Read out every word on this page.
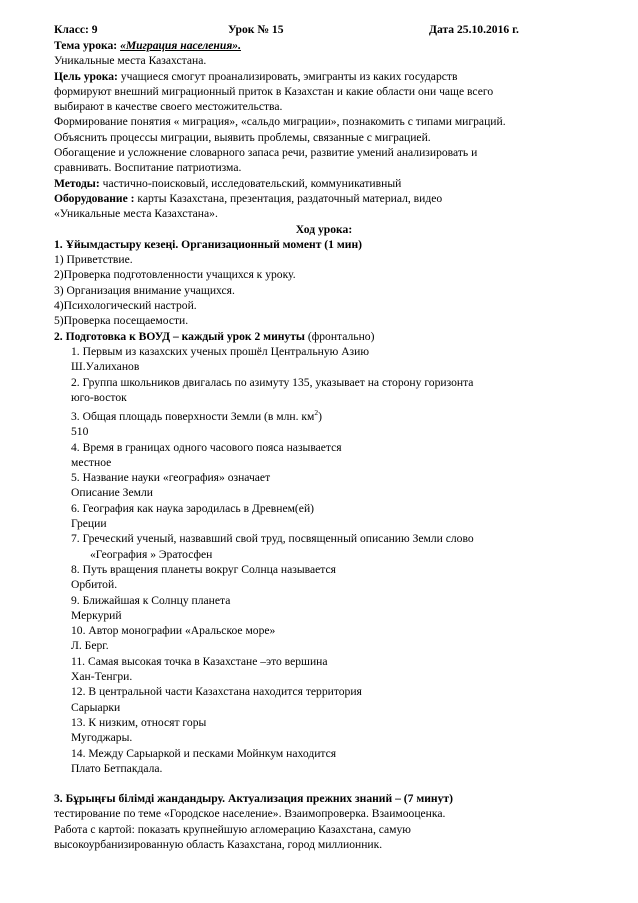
Класс: 9	Урок № 15	Дата 25.10.2016 г.
Тема урока: «Миграция населения».
Уникальные места Казахстана.
Цель урока: учащиеся смогут проанализировать, эмигранты из каких государств
формируют внешний миграционный приток в Казахстан и какие области они чаще всего
выбирают в качестве своего местожительства.
Формирование понятия « миграция», «сальдо миграции», познакомить с типами миграций.
Объяснить процессы миграции, выявить проблемы, связанные с миграцией.
Обогащение и усложнение словарного запаса речи, развитие умений анализировать и
сравнивать. Воспитание патриотизма.
Методы: частично-поисковый, исследовательский, коммуникативный
Оборудование : карты Казахстана, презентация, раздаточный материал, видео
«Уникальные места Казахстана».
Ход урока:
1. Ұйымдастыру кезеңі. Организационный момент (1 мин)
1) Приветствие.
2)Проверка подготовленности учащихся к уроку.
3) Организация внимание учащихся.
4)Психологический настрой.
5)Проверка посещаемости.
2. Подготовка к ВОУД – каждый урок 2 минуты (фронтально)
1. Первым из казахских ученых прошёл Центральную Азию
Ш.Уалиханов
2. Группа школьников двигалась по азимуту 135, указывает на сторону горизонта
юго-восток
3. Общая площадь поверхности Земли (в млн. $км^2$)
510
4. Время в границах одного часового пояса называется
местное
5. Название науки «география» означает
Описание Земли
6. География как наука зародилась в Древнем(ей)
Греции
7. Греческий ученый, назвавший свой труд, посвященный описанию Земли слово
«География » Эратосфен
8. Путь вращения планеты вокруг Солнца называется
Орбитой.
9. Ближайшая к Солнцу планета
Меркурий
10. Автор монографии «Аральское море»
Л. Берг.
11. Самая высокая точка в Казахстане –это вершина
Хан-Тенгри.
12. В центральной части Казахстана находится территория
Сарыарки
13. К низким, относят горы
Мугоджары.
14. Между Сарыаркой и песками Мойнкум находится
Плато Бетпакдала.
3. Бұрыңғы білімді жандандыру. Актуализация прежних знаний – (7 минут)
тестирование по теме «Городское население». Взаимопроверка. Взаимооценка.
Работа с картой: показать крупнейшую агломерацию Казахстана, самую
высокоурбанизированную область Казахстана, город миллионник.
